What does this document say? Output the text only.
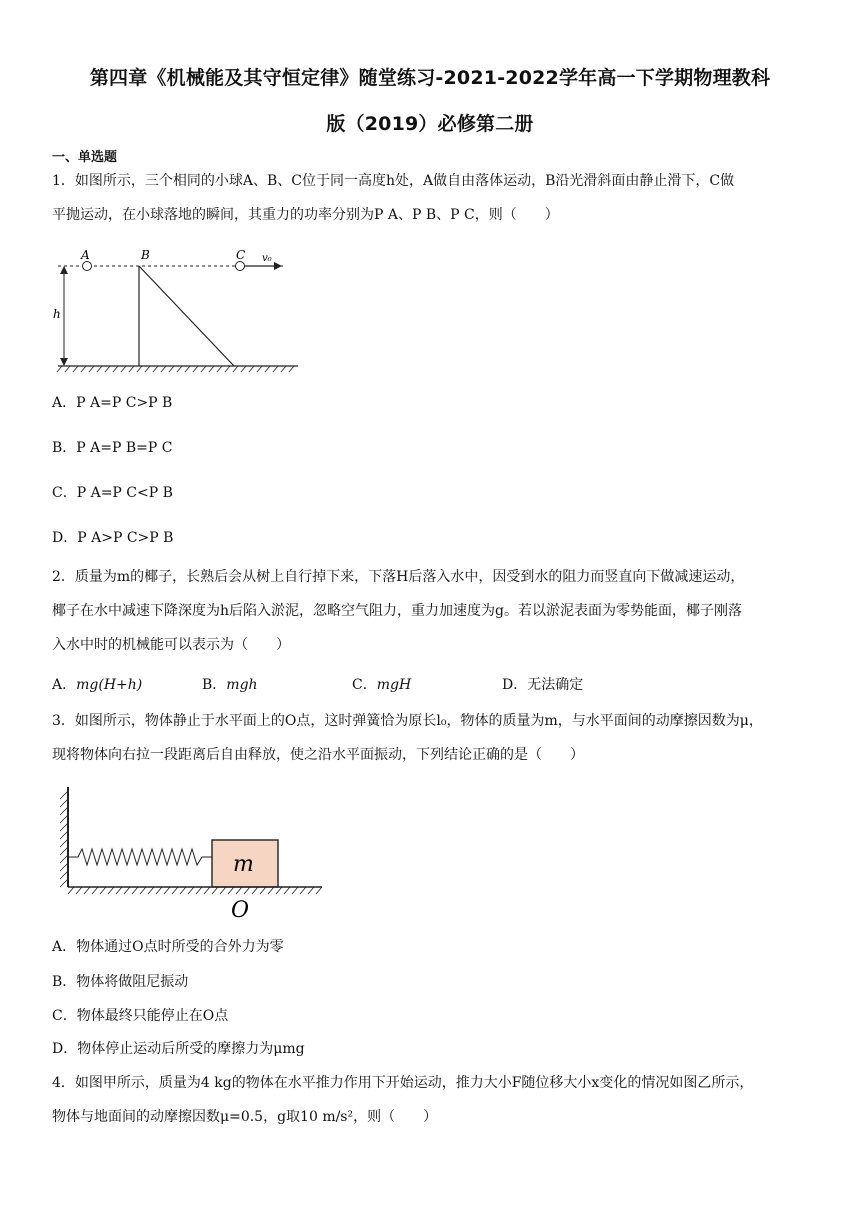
第四章《机械能及其守恒定律》随堂练习-2021-2022学年高一下学期物理教科
版（2019）必修第二册
一、单选题
1．如图所示，三个相同的小球A、B、C位于同一高度h处，A做自由落体运动，B沿光滑斜面由静止滑下，C做
平抛运动，在小球落地的瞬间，其重力的功率分别为P A、P B、P C，则（　　）
A	B	C v₀
h
A．P A=P C>P B
B．P A=P B=P C
C．P A=P C<P B
D．P A>P C>P B
2．质量为m的椰子，长熟后会从树上自行掉下来，下落H后落入水中，因受到水的阻力而竖直向下做减速运动，
椰子在水中减速下降深度为h后陷入淤泥，忽略空气阻力，重力加速度为g。若以淤泥表面为零势能面，椰子刚落
入水中时的机械能可以表示为（　　）
A．mg(H+h)	B．mgh	C．mgH	D．无法确定
3．如图所示，物体静止于水平面上的O点，这时弹簧恰为原长l₀，物体的质量为m，与水平面间的动摩擦因数为μ，
现将物体向右拉一段距离后自由释放，使之沿水平面振动，下列结论正确的是（　　）
m
O
A．物体通过O点时所受的合外力为零
B．物体将做阻尼振动
C．物体最终只能停止在O点
D．物体停止运动后所受的摩擦力为μmg
4．如图甲所示，质量为4 kg的物体在水平推力作用下开始运动，推力大小F随位移大小x变化的情况如图乙所示，
物体与地面间的动摩擦因数μ=0.5，g取10 m/s²，则（　　）
